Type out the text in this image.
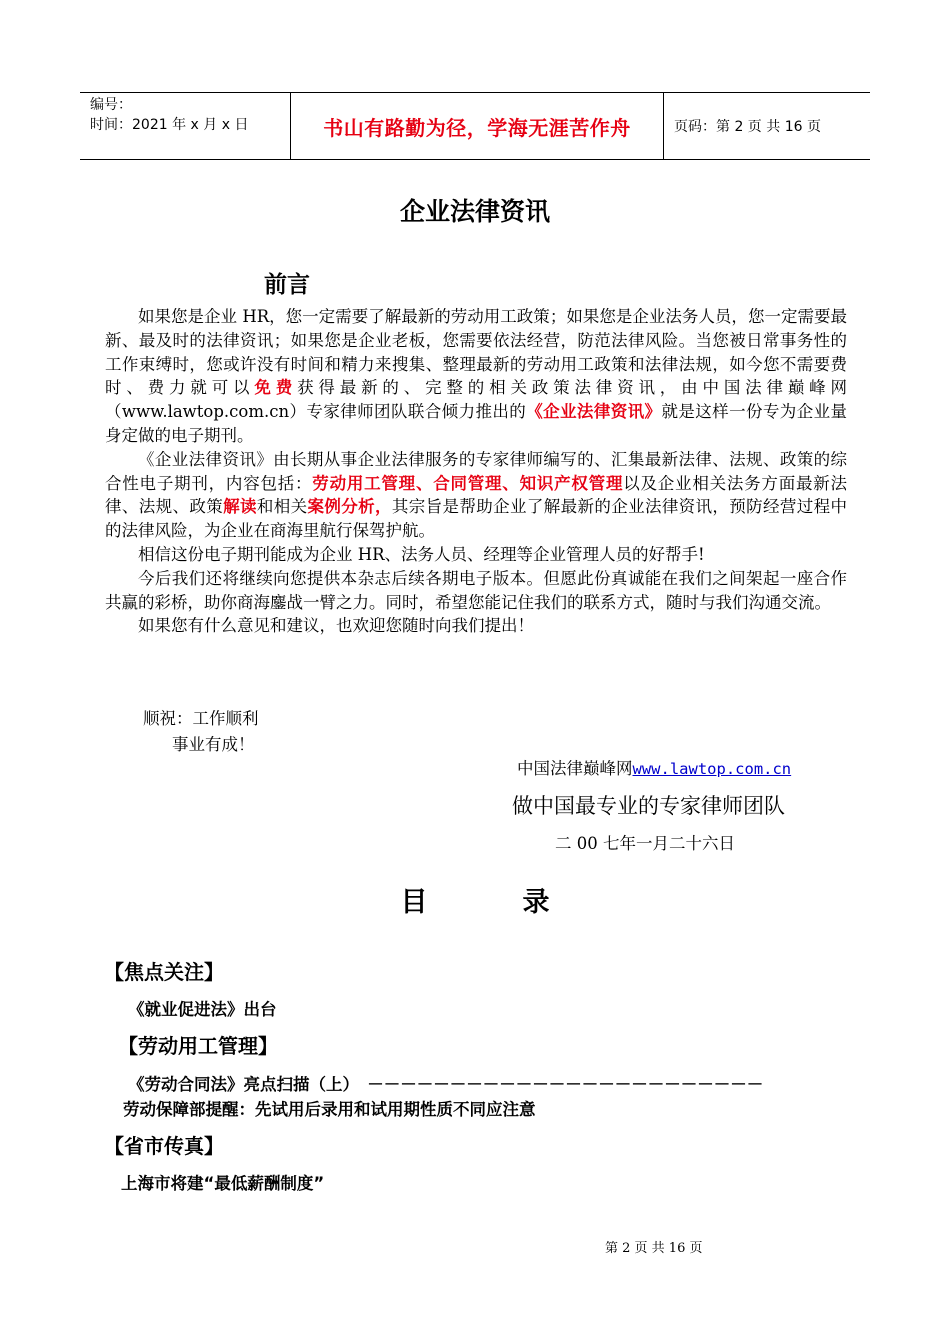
编号：
时间：2021 年 x 月 x 日	书山有路勤为径，学海无涯苦作舟	页码：第 2 页 共 16 页
企业法律资讯
前言

如果您是企业 HR，您一定需要了解最新的劳动用工政策；如果您是企业法务人员，您一定需要最新、最及时的法律资讯；如果您是企业老板，您需要依法经营，防范法律风险。当您被日常事务性的工作束缚时，您或许没有时间和精力来搜集、整理最新的劳动用工政策和法律法规，如今您不需要费时、费力就可以免费获得最新的、完整的相关政策法律资讯，由中国法律巅峰网（www.lawtop.com.cn）专家律师团队联合倾力推出的《企业法律资讯》就是这样一份专为企业量身定做的电子期刊。

《企业法律资讯》由长期从事企业法律服务的专家律师编写的、汇集最新法律、法规、政策的综合性电子期刊，内容包括：劳动用工管理、合同管理、知识产权管理以及企业相关法务方面最新法律、法规、政策解读和相关案例分析，其宗旨是帮助企业了解最新的企业法律资讯，预防经营过程中的法律风险，为企业在商海里航行保驾护航。

相信这份电子期刊能成为企业 HR、法务人员、经理等企业管理人员的好帮手!

今后我们还将继续向您提供本杂志后续各期电子版本。但愿此份真诚能在我们之间架起一座合作共赢的彩桥，助你商海鏖战一臂之力。同时，希望您能记住我们的联系方式，随时与我们沟通交流。

如果您有什么意见和建议，也欢迎您随时向我们提出！

顺祝：工作顺利
事业有成！
中国法律巅峰网www.lawtop.com.cn
做中国最专业的专家律师团队
二 00 七年一月二十六日
目	录
【焦点关注】
《就业促进法》出台
【劳动用工管理】
《劳动合同法》亮点扫描（上）　－－－－－－－－－－－－－－－－－－－－－－－－
劳动保障部提醒：先试用后录用和试用期性质不同应注意
【省市传真】
上海市将建“最低薪酬制度”
第 2 页 共 16 页
